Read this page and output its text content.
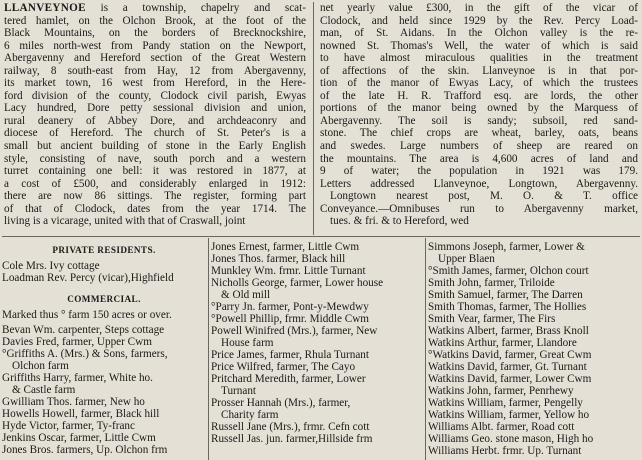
LLANVEYNOE is a township, chapelry and scat-
tered hamlet, on the Olchon Brook, at the foot of the
Black Mountains, on the borders of Brecknockshire,
6 miles north-west from Pandy station on the Newport,
Abergavenny and Hereford section of the Great Western
railway, 8 south-east from Hay, 12 from Abergavenny,
its market town, 16 west from Hereford, in the Here-
ford division of the county, Clodock civil parish, Ewyas
Lacy hundred, Dore petty sessional division and union,
rural deanery of Abbey Dore, and archdeaconry and
diocese of Hereford. The church of St. Peter's is a
small but ancient building of stone in the Early English
style, consisting of nave, south porch and a western
turret containing one bell: it was restored in 1877, at
a cost of £500, and considerably enlarged in 1912:
there are now 86 sittings. The register, forming part
of that of Clodock, dates from the year 1714. The
living is a vicarage, united with that of Craswall, joint
net yearly value £300, in the gift of the vicar of
Clodock, and held since 1929 by the Rev. Percy Load-
man, of St. Aidans. In the Olchon valley is the re-
nowned St. Thomas's Well, the water of which is said
to have almost miraculous qualities in the treatment
of affections of the skin. Llanveynoe is in that por-
tion of the manor of Ewyas Lacy, of which the trustees
of the late H. R. Trafford esq. are lords, the other
portions of the manor being owned by the Marquess of
Abergavenny. The soil is sandy; subsoil, red sand-
stone. The chief crops are wheat, barley, oats, beans
and swedes. Large numbers of sheep are reared on
the mountains. The area is 4,600 acres of land and
9 of water; the population in 1921 was 179.
Letters addressed Llanveynoe, Longtown, Abergavenny.
Longtown nearest post, M. O. & T. office
Conveyance.—Omnibuses run to Abergavenny market,
tues. & fri. & to Hereford, wed
PRIVATE RESIDENTS.
Cole Mrs. Ivy cottage
Loadman Rev. Percy (vicar),Highfield
COMMERCIAL.
Marked thus ° farm 150 acres or over.
Bevan Wm. carpenter, Steps cottage
Davies Fred, farmer, Upper Cwm
°Griffiths A. (Mrs.) & Sons, farmers,
Olchon farm
Griffiths Harry, farmer, White ho.
& Castle farm
Gwilliam Thos. farmer, New ho
Howells Howell, farmer, Black hill
Hyde Victor, farmer, Ty-franc
Jenkins Oscar, farmer, Little Cwm
Jones Bros. farmers, Up. Olchon frm
Jones Ernest, farmer, Little Cwm
Jones Thos. farmer, Black hill
Munkley Wm. frmr. Little Turnant
Nicholls George, farmer, Lower house
& Old mill
°Parry Jn. farmer, Pont-y-Mewdwy
°Powell Phillip, frmr. Middle Cwm
Powell Winifred (Mrs.), farmer, New
House farm
Price James, farmer, Rhula Turnant
Price Wilfred, farmer, The Cayo
Pritchard Meredith, farmer, Lower
Turnant
Prosser Hannah (Mrs.), farmer,
Charity farm
Russell Jane (Mrs.), frmr. Cefn cott
Russell Jas. jun. farmer,Hillside frm
Simmons Joseph, farmer, Lower &
Upper Blaen
°Smith James, farmer, Olchon court
Smith John, farmer, Triloide
Smith Samuel, farmer, The Darren
Smith Thomas, farmer, The Hollies
Smith Vear, farmer, The Firs
Watkins Albert, farmer, Brass Knoll
Watkins Arthur, farmer, Llandore
°Watkins David, farmer, Great Cwm
Watkins David, farmer, Gt. Turnant
Watkins David, farmer, Lower Cwm
Watkins John, farmer, Penrhewy
Watkins William, farmer, Pengelly
Watkins William, farmer, Yellow ho
Williams Albt. farmer, Road cott
Williams Geo. stone mason, High ho
Williams Herbt. frmr. Up. Turnant
